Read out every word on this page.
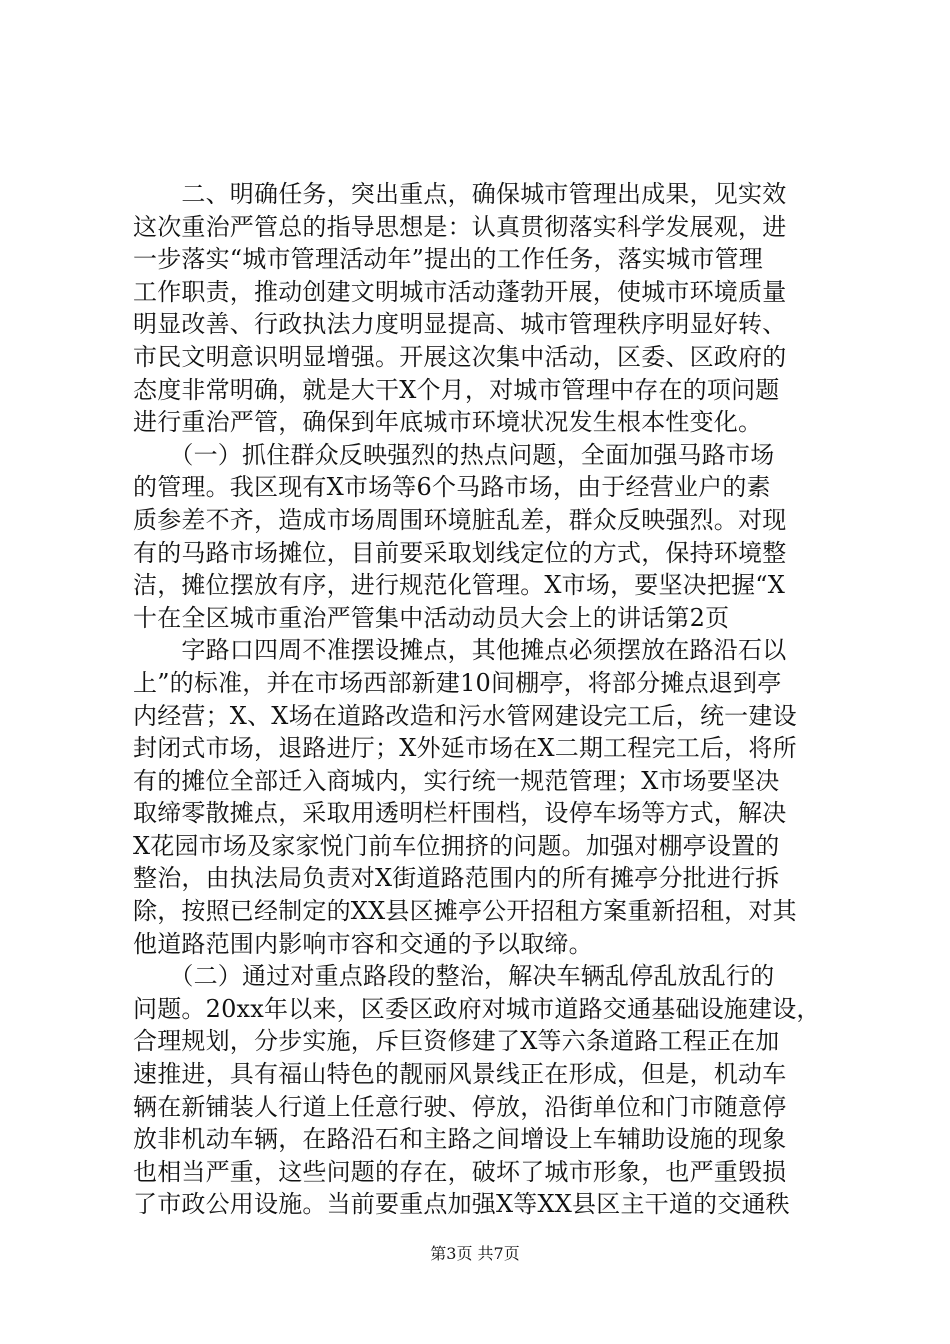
　　二、明确任务，突出重点，确保城市管理出成果，见实效
这次重治严管总的指导思想是：认真贯彻落实科学发展观，进
一步落实“城市管理活动年”提出的工作任务，落实城市管理
工作职责，推动创建文明城市活动蓬勃开展，使城市环境质量
明显改善、行政执法力度明显提高、城市管理秩序明显好转、
市民文明意识明显增强。开展这次集中活动，区委、区政府的
态度非常明确，就是大干X个月，对城市管理中存在的项问题
进行重治严管，确保到年底城市环境状况发生根本性变化。
　　（一）抓住群众反映强烈的热点问题，全面加强马路市场
的管理。我区现有X市场等6个马路市场，由于经营业户的素
质参差不齐，造成市场周围环境脏乱差，群众反映强烈。对现
有的马路市场摊位，目前要采取划线定位的方式，保持环境整
洁，摊位摆放有序，进行规范化管理。X市场，要坚决把握“X
十在全区城市重治严管集中活动动员大会上的讲话第2页
　　字路口四周不准摆设摊点，其他摊点必须摆放在路沿石以
上”的标准，并在市场西部新建10间棚亭，将部分摊点退到亭
内经营；X、X场在道路改造和污水管网建设完工后，统一建设
封闭式市场，退路进厅；X外延市场在X二期工程完工后，将所
有的摊位全部迁入商城内，实行统一规范管理；X市场要坚决
取缔零散摊点，采取用透明栏杆围档，设停车场等方式，解决
X花园市场及家家悦门前车位拥挤的问题。加强对棚亭设置的
整治，由执法局负责对X街道路范围内的所有摊亭分批进行拆
除，按照已经制定的XX县区摊亭公开招租方案重新招租，对其
他道路范围内影响市容和交通的予以取缔。
　　（二）通过对重点路段的整治，解决车辆乱停乱放乱行的
问题。20xx年以来，区委区政府对城市道路交通基础设施建设，
合理规划，分步实施，斥巨资修建了X等六条道路工程正在加
速推进，具有福山特色的靓丽风景线正在形成，但是，机动车
辆在新铺装人行道上任意行驶、停放，沿街单位和门市随意停
放非机动车辆，在路沿石和主路之间增设上车辅助设施的现象
也相当严重，这些问题的存在，破坏了城市形象，也严重毁损
了市政公用设施。当前要重点加强X等XX县区主干道的交通秩
第3页 共7页
